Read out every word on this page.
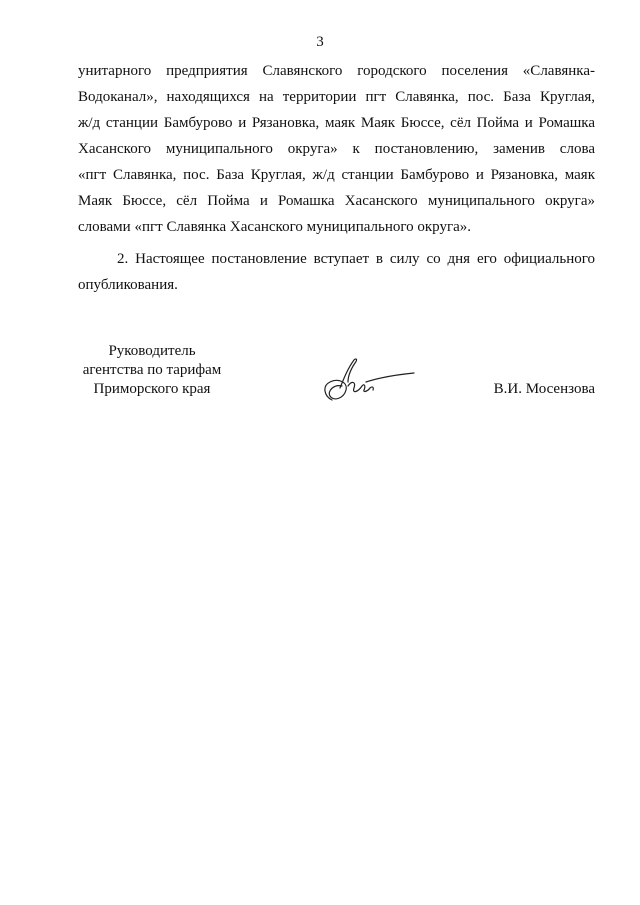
3
унитарного предприятия Славянского городского поселения «Славянка-
Водоканал», находящихся на территории пгт Славянка, пос. База Круглая,
ж/д станции Бамбурово и Рязановка, маяк Маяк Бюссе, сёл Пойма и Ромашка
Хасанского муниципального округа» к постановлению, заменив слова
«пгт Славянка, пос. База Круглая, ж/д станции Бамбурово и Рязановка, маяк
Маяк Бюссе, сёл Пойма и Ромашка Хасанского муниципального округа»
словами «пгт Славянка Хасанского муниципального округа».
2. Настоящее постановление вступает в силу со дня его официального
опубликования.
Руководитель
агентства по тарифам
Приморского края	В.И. Мосензова
